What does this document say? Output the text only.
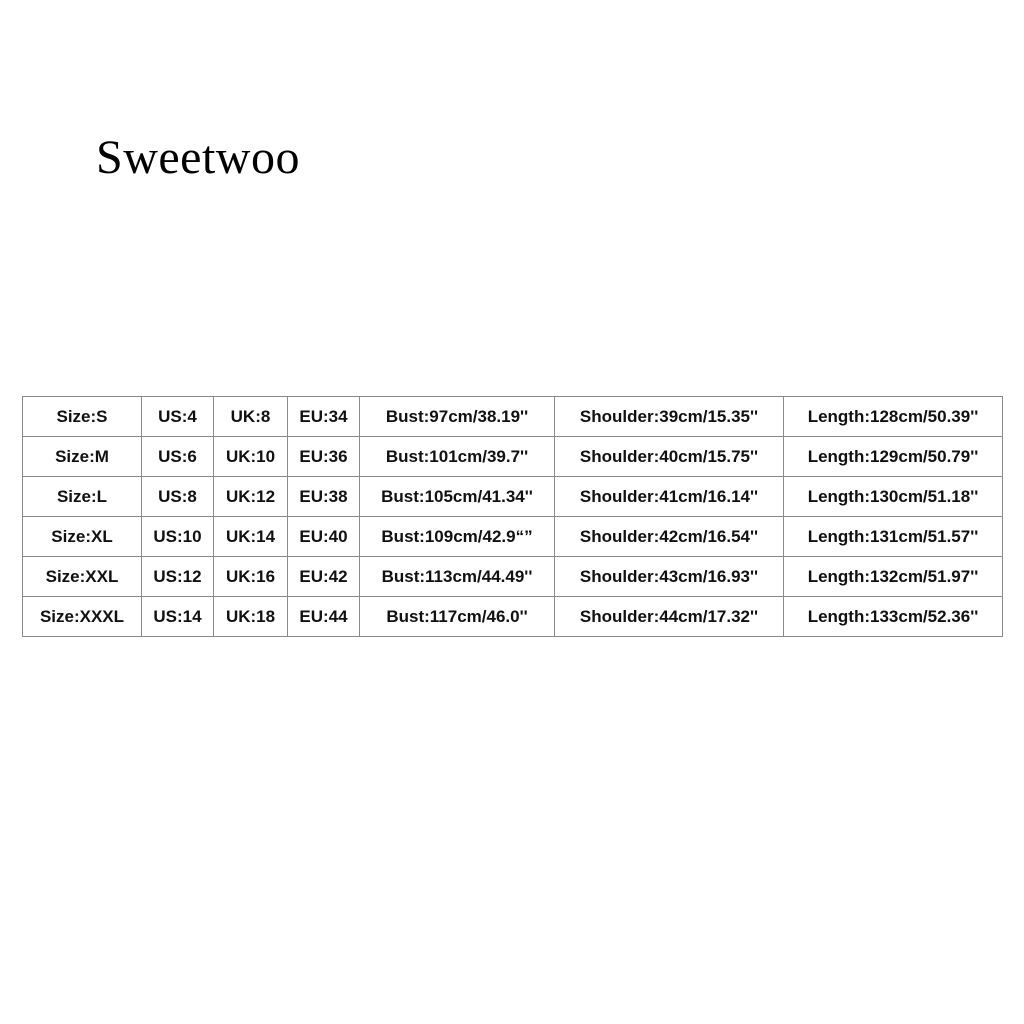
Sweetwoo
Size:S	US:4	UK:8	EU:34	Bust:97cm/38.19''	Shoulder:39cm/15.35''	Length:128cm/50.39''
Size:M	US:6	UK:10	EU:36	Bust:101cm/39.7''	Shoulder:40cm/15.75''	Length:129cm/50.79''
Size:L	US:8	UK:12	EU:38	Bust:105cm/41.34''	Shoulder:41cm/16.14''	Length:130cm/51.18''
Size:XL	US:10	UK:14	EU:40	Bust:109cm/42.9“”	Shoulder:42cm/16.54''	Length:131cm/51.57''
Size:XXL	US:12	UK:16	EU:42	Bust:113cm/44.49''	Shoulder:43cm/16.93''	Length:132cm/51.97''
Size:XXXL	US:14	UK:18	EU:44	Bust:117cm/46.0''	Shoulder:44cm/17.32''	Length:133cm/52.36''
